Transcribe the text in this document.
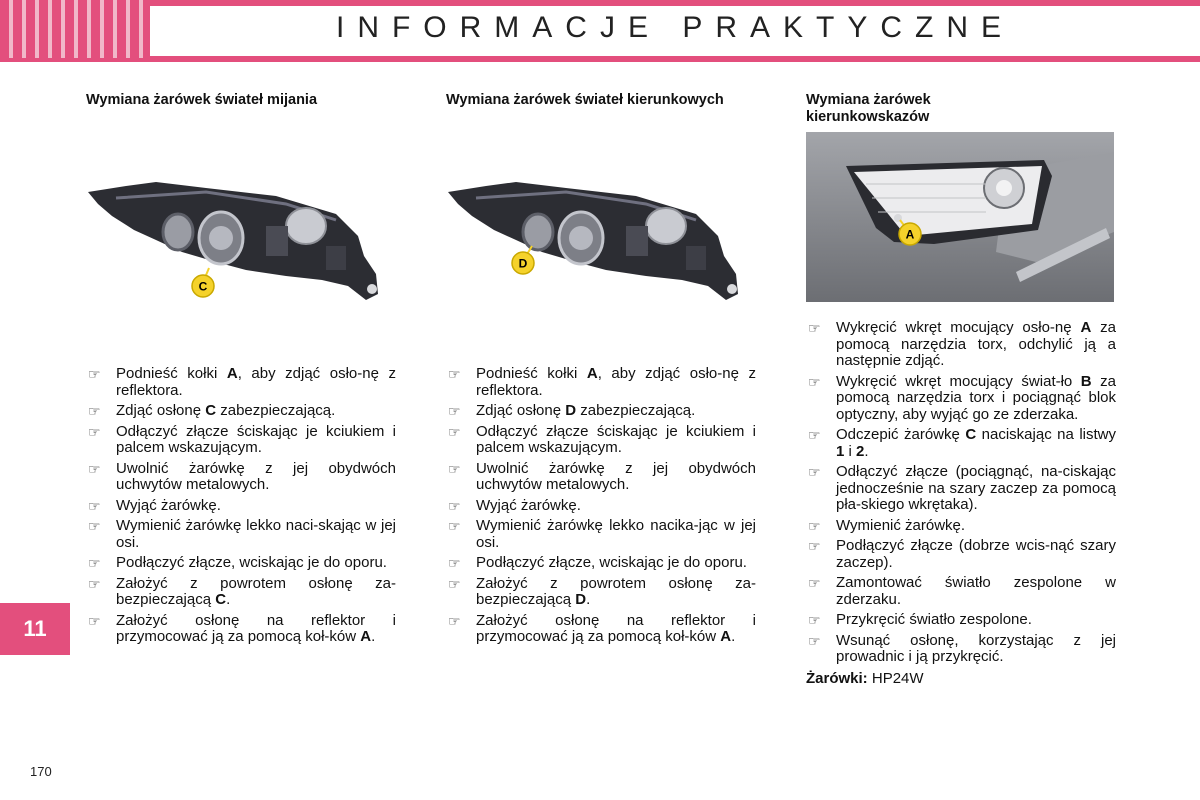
INFORMACJE PRAKTYCZNE
11
170
Wymiana żarówek świateł mijania
C
☞ Podnieść kołki A, aby zdjąć osło-nę z reflektora.
☞ Zdjąć osłonę C zabezpieczającą.
☞ Odłączyć złącze ściskając je kciukiem i palcem wskazującym.
☞ Uwolnić żarówkę z jej obydwóch uchwytów metalowych.
☞ Wyjąć żarówkę.
☞ Wymienić żarówkę lekko naci-skając w jej osi.
☞ Podłączyć złącze, wciskając je do oporu.
☞ Założyć z powrotem osłonę za-bezpieczającą C.
☞ Założyć osłonę na reflektor i przymocować ją za pomocą koł-ków A.
Wymiana żarówek świateł kierunkowych
D
☞ Podnieść kołki A, aby zdjąć osło-nę z reflektora.
☞ Zdjąć osłonę D zabezpieczającą.
☞ Odłączyć złącze ściskając je kciukiem i palcem wskazującym.
☞ Uwolnić żarówkę z jej obydwóch uchwytów metalowych.
☞ Wyjąć żarówkę.
☞ Wymienić żarówkę lekko nacika-jąc w jej osi.
☞ Podłączyć złącze, wciskając je do oporu.
☞ Założyć z powrotem osłonę za-bezpieczającą D.
☞ Założyć osłonę na reflektor i przymocować ją za pomocą koł-ków A.
Wymiana żarówek kierunkowskazów
A
☞ Wykręcić wkręt mocujący osło-nę A za pomocą narzędzia torx, odchylić ją a następnie zdjąć.
☞ Wykręcić wkręt mocujący świat-ło B za pomocą narzędzia torx i pociągnąć blok optyczny, aby wyjąć go ze zderzaka.
☞ Odczepić żarówkę C naciskając na listwy 1 i 2.
☞ Odłączyć złącze (pociągnąć, na-ciskając jednocześnie na szary zaczep za pomocą pła-skiego wkrętaka).
☞ Wymienić żarówkę.
☞ Podłączyć złącze (dobrze wcis-nąć szary zaczep).
☞ Zamontować światło zespolone w zderzaku.
☞ Przykręcić światło zespolone.
☞ Wsunąć osłonę, korzystając z jej prowadnic i ją przykręcić.
Żarówki: HP24W
